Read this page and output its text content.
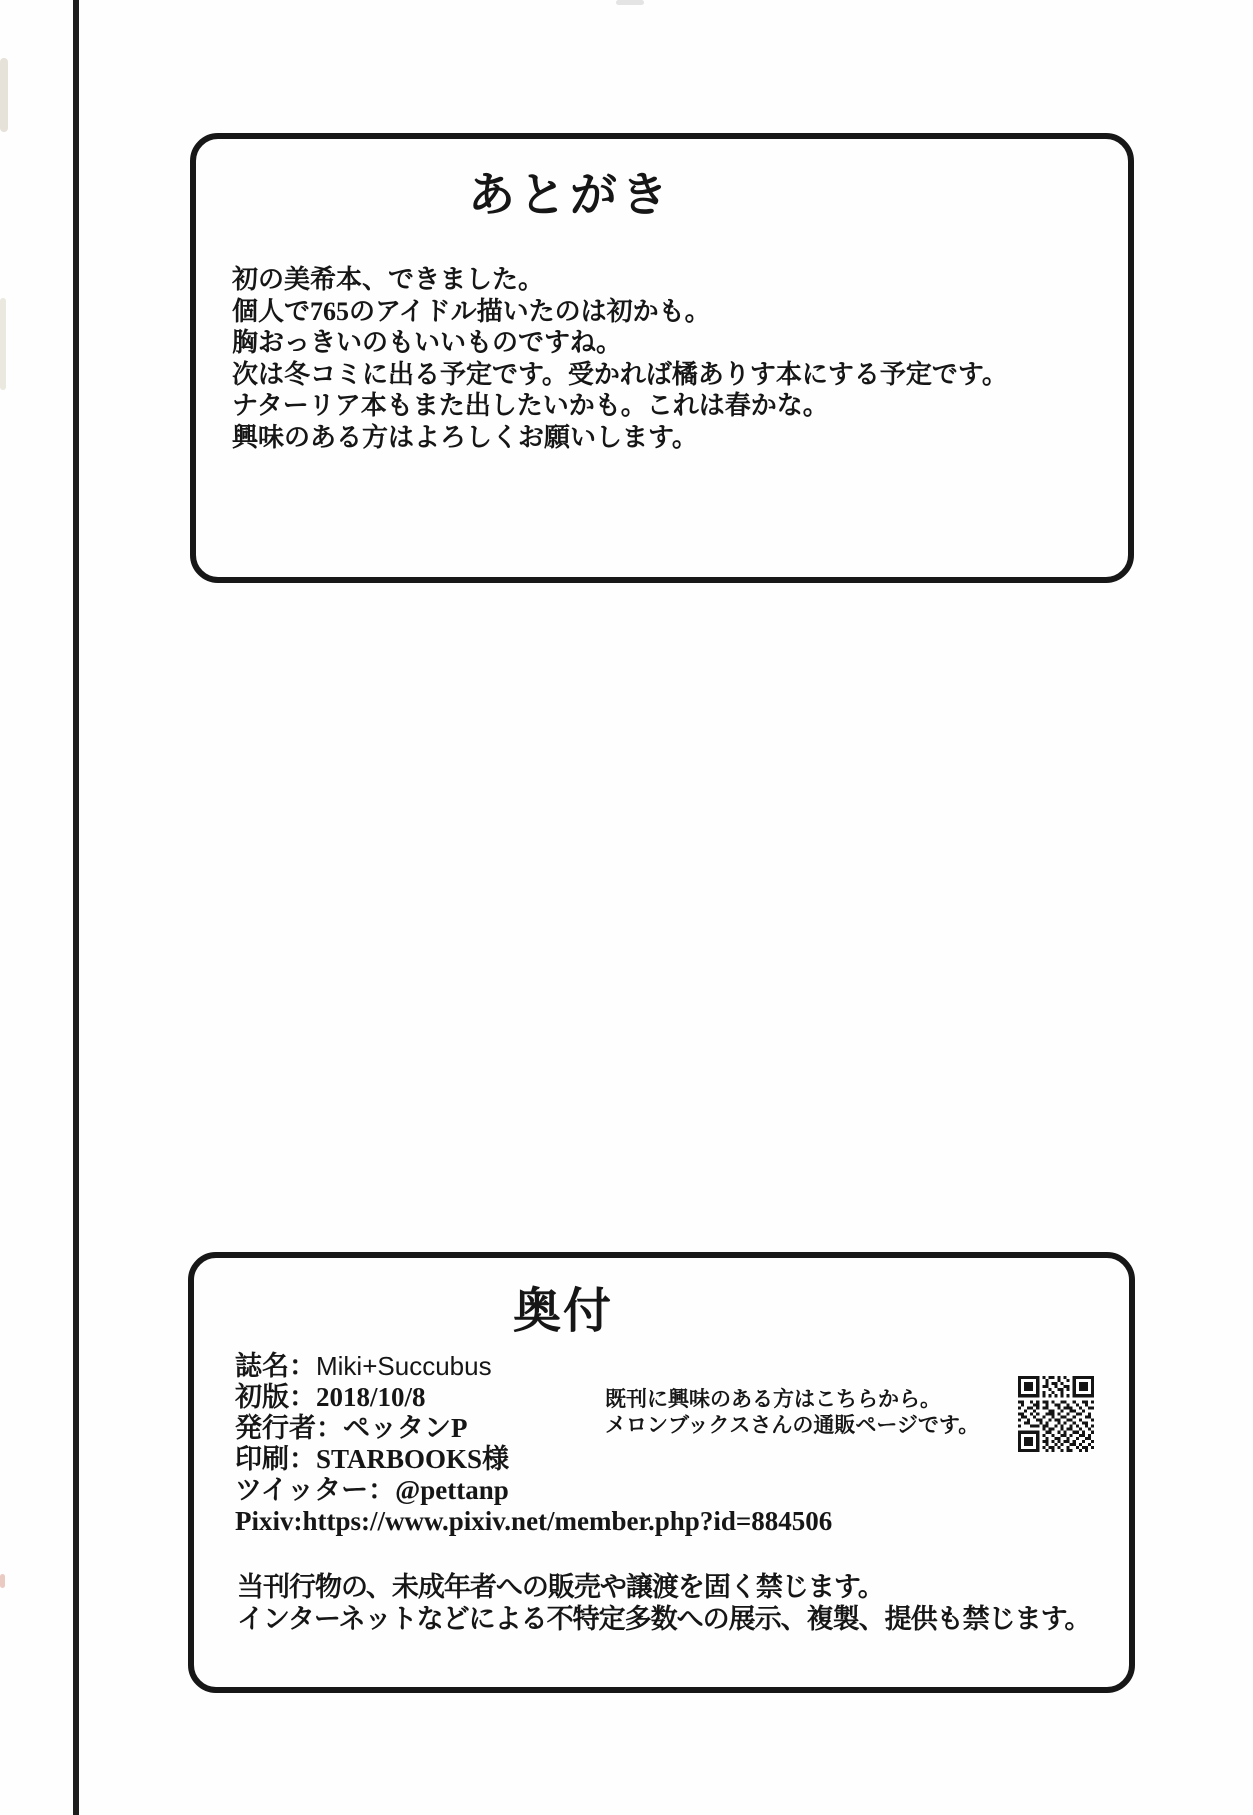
あとがき
初の美希本、できました。
個人で765のアイドル描いたのは初かも。
胸おっきいのもいいものですね。
次は冬コミに出る予定です。受かれば橘ありす本にする予定です。
ナターリア本もまた出したいかも。これは春かな。
興味のある方はよろしくお願いします。
奥付
誌名：Miki+Succubus
初版：2018/10/8
発行者：ペッタンP
印刷：STARBOOKS様
ツイッター：@pettanp
Pixiv:https://www.pixiv.net/member.php?id=884506
既刊に興味のある方はこちらから。
メロンブックスさんの通販ページです。
当刊行物の、未成年者への販売や譲渡を固く禁じます。
インターネットなどによる不特定多数への展示、複製、提供も禁じます。
